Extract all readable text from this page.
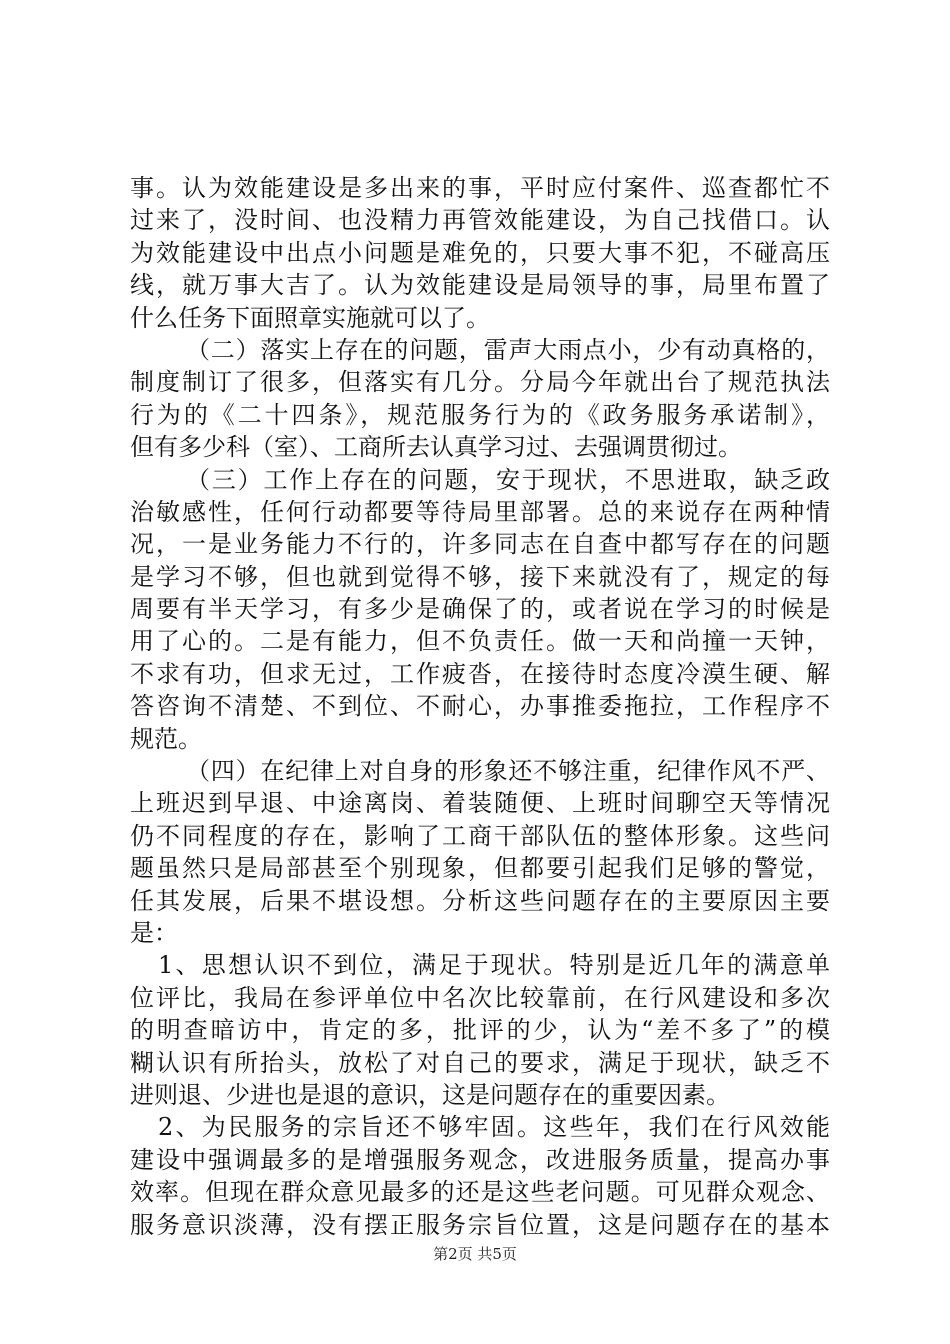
事。认为效能建设是多出来的事，平时应付案件、巡查都忙不
过来了，没时间、也没精力再管效能建设，为自己找借口。认
为效能建设中出点小问题是难免的，只要大事不犯，不碰高压
线，就万事大吉了。认为效能建设是局领导的事，局里布置了
什么任务下面照章实施就可以了。
（二）落实上存在的问题，雷声大雨点小，少有动真格的，
制度制订了很多，但落实有几分。分局今年就出台了规范执法
行为的《二十四条》，规范服务行为的《政务服务承诺制》，
但有多少科（室）、工商所去认真学习过、去强调贯彻过。
（三）工作上存在的问题，安于现状，不思进取，缺乏政
治敏感性，任何行动都要等待局里部署。总的来说存在两种情
况，一是业务能力不行的，许多同志在自查中都写存在的问题
是学习不够，但也就到觉得不够，接下来就没有了，规定的每
周要有半天学习，有多少是确保了的，或者说在学习的时候是
用了心的。二是有能力，但不负责任。做一天和尚撞一天钟，
不求有功，但求无过，工作疲沓，在接待时态度冷漠生硬、解
答咨询不清楚、不到位、不耐心，办事推委拖拉，工作程序不
规范。
（四）在纪律上对自身的形象还不够注重，纪律作风不严、
上班迟到早退、中途离岗、着装随便、上班时间聊空天等情况
仍不同程度的存在，影响了工商干部队伍的整体形象。这些问
题虽然只是局部甚至个别现象，但都要引起我们足够的警觉，
任其发展，后果不堪设想。分析这些问题存在的主要原因主要
是：
1、思想认识不到位，满足于现状。特别是近几年的满意单
位评比，我局在参评单位中名次比较靠前，在行风建设和多次
的明查暗访中，肯定的多，批评的少，认为“差不多了”的模
糊认识有所抬头，放松了对自己的要求，满足于现状，缺乏不
进则退、少进也是退的意识，这是问题存在的重要因素。
2、为民服务的宗旨还不够牢固。这些年，我们在行风效能
建设中强调最多的是增强服务观念，改进服务质量，提高办事
效率。但现在群众意见最多的还是这些老问题。可见群众观念、
服务意识淡薄，没有摆正服务宗旨位置，这是问题存在的基本
第2页 共5页
